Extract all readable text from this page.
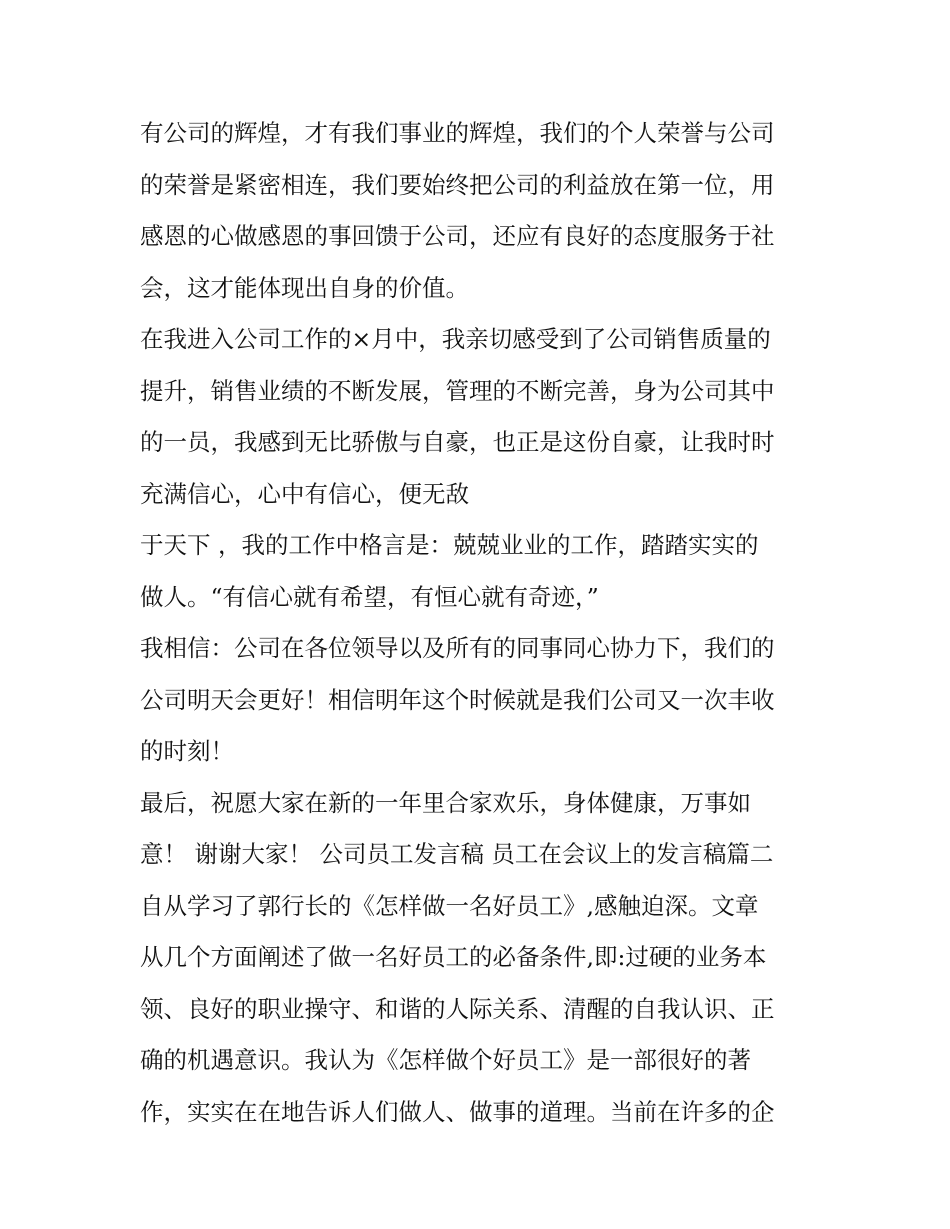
有公司的辉煌，才有我们事业的辉煌，我们的个人荣誉与公司
的荣誉是紧密相连，我们要始终把公司的利益放在第一位，用
感恩的心做感恩的事回馈于公司，还应有良好的态度服务于社
会，这才能体现出自身的价值。
在我进入公司工作的×月中，我亲切感受到了公司销售质量的
提升，销售业绩的不断发展，管理的不断完善，身为公司其中
的一员，我感到无比骄傲与自豪，也正是这份自豪，让我时时
充满信心，心中有信心，便无敌
于天下 ，我的工作中格言是：兢兢业业的工作，踏踏实实的
做人。“有信心就有希望，有恒心就有奇迹，”
我相信：公司在各位领导以及所有的同事同心协力下，我们的
公司明天会更好！相信明年这个时候就是我们公司又一次丰收
的时刻！
最后，祝愿大家在新的一年里合家欢乐，身体健康，万事如
意！ 谢谢大家！ 公司员工发言稿 员工在会议上的发言稿篇二
自从学习了郭行长的《怎样做一名好员工》,感触迫深。文章
从几个方面阐述了做一名好员工的必备条件,即:过硬的业务本
领、良好的职业操守、和谐的人际关系、清醒的自我认识、正
确的机遇意识。我认为《怎样做个好员工》是一部很好的著
作，实实在在地告诉人们做人、做事的道理。当前在许多的企
